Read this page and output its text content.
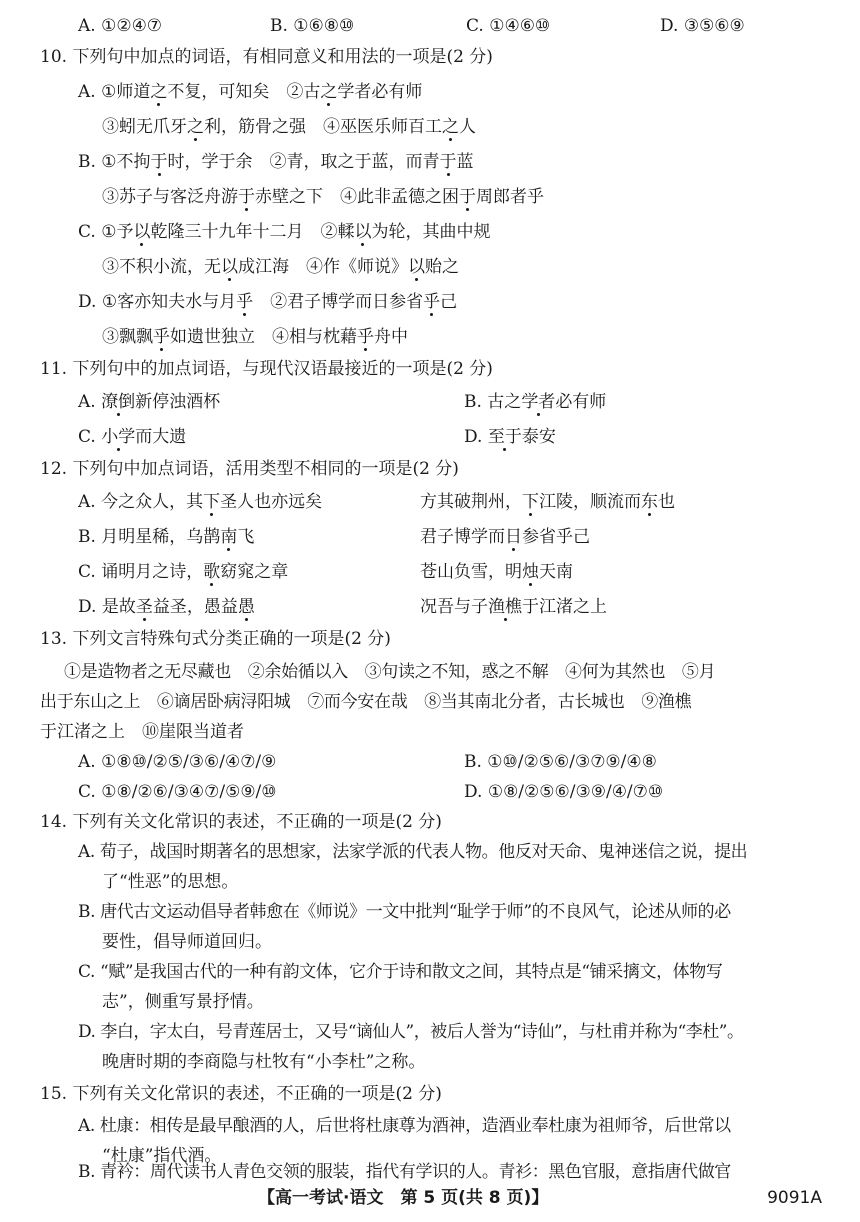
A. ①②④⑦	B. ①⑥⑧⑩	C. ①④⑥⑩	D. ③⑤⑥⑨
10. 下列句中加点的词语，有相同意义和用法的一项是(2 分)
A. ①师道之不复，可知矣　②古之学者必有师
③蚓无爪牙之利，筋骨之强　④巫医乐师百工之人
B. ①不拘于时，学于余　②青，取之于蓝，而青于蓝
③苏子与客泛舟游于赤壁之下　④此非孟德之困于周郎者乎
C. ①予以乾隆三十九年十二月　②輮以为轮，其曲中规
③不积小流，无以成江海　④作《师说》以贻之
D. ①客亦知夫水与月乎　②君子博学而日参省乎己
③飘飘乎如遗世独立　④相与枕藉乎舟中
11. 下列句中的加点词语，与现代汉语最接近的一项是(2 分)
A. 潦倒新停浊酒杯	B. 古之学者必有师
C. 小学而大遗	D. 至于泰安
12. 下列句中加点词语，活用类型不相同的一项是(2 分)
A. 今之众人，其下圣人也亦远矣	方其破荆州，下江陵，顺流而东也
B. 月明星稀，乌鹊南飞	君子博学而日参省乎己
C. 诵明月之诗，歌窈窕之章	苍山负雪，明烛天南
D. 是故圣益圣，愚益愚	况吾与子渔樵于江渚之上
13. 下列文言特殊句式分类正确的一项是(2 分)
①是造物者之无尽藏也　②余始循以入　③句读之不知，惑之不解　④何为其然也　⑤月
出于东山之上　⑥谪居卧病浔阳城　⑦而今安在哉　⑧当其南北分者，古长城也　⑨渔樵
于江渚之上　⑩崖限当道者
A. ①⑧⑩/②⑤/③⑥/④⑦/⑨	B. ①⑩/②⑤⑥/③⑦⑨/④⑧
C. ①⑧/②⑥/③④⑦/⑤⑨/⑩	D. ①⑧/②⑤⑥/③⑨/④/⑦⑩
14. 下列有关文化常识的表述，不正确的一项是(2 分)
A. 荀子，战国时期著名的思想家，法家学派的代表人物。他反对天命、鬼神迷信之说，提出
了“性恶”的思想。
B. 唐代古文运动倡导者韩愈在《师说》一文中批判“耻学于师”的不良风气，论述从师的必
要性，倡导师道回归。
C. “赋”是我国古代的一种有韵文体，它介于诗和散文之间，其特点是“铺采摛文，体物写
志”，侧重写景抒情。
D. 李白，字太白，号青莲居士，又号“谪仙人”，被后人誉为“诗仙”，与杜甫并称为“李杜”。
晚唐时期的李商隐与杜牧有“小李杜”之称。
15. 下列有关文化常识的表述，不正确的一项是(2 分)
A. 杜康：相传是最早酿酒的人，后世将杜康尊为酒神，造酒业奉杜康为祖师爷，后世常以
“杜康”指代酒。
【高一考试·语文　第 5 页(共 8 页)】	9091A
B. 青衿：周代读书人青色交领的服装，指代有学识的人。青衫：黑色官服，意指唐代做官
